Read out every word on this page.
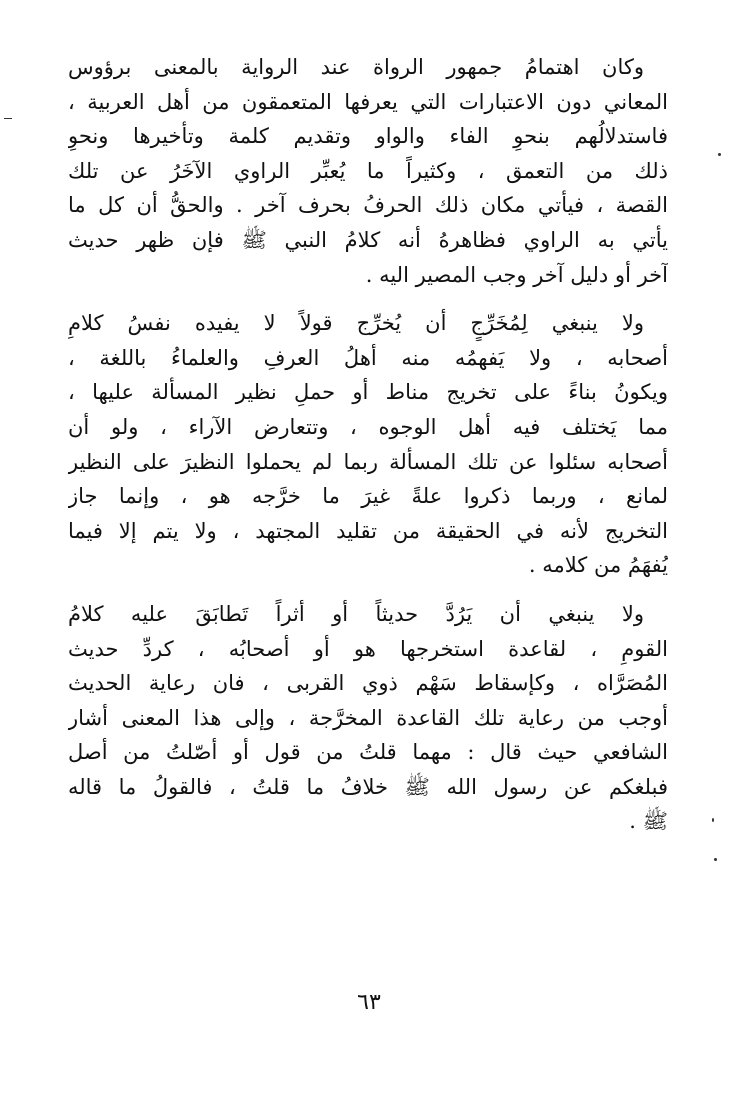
وكان اهتمامُ جمهور الرواة عند الرواية بالمعنى برؤوس
المعاني دون الاعتبارات التي يعرفها المتعمقون من أهل العربية ،
فاستدلالُهم بنحوِ الفاء والواو وتقديم كلمة وتأخيرها ونحوِ
ذلك من التعمق ، وكثيراً ما يُعبِّر الراوي الآخَرُ عن تلك
القصة ، فيأتي مكان ذلك الحرفُ بحرف آخر . والحقُّ أن كل ما
يأتي به الراوي فظاهرهُ أنه كلامُ النبي ﷺ فإن ظهر حديث
آخر أو دليل آخر وجب المصير اليه .

ولا ينبغي لِمُخَرِّجٍ أن يُخرِّج قولاً لا يفيده نفسُ كلامِ
أصحابه ، ولا يَفهمُه منه أهلُ العرفِ والعلماءُ باللغة ،
ويكونُ بناءً على تخريج مناط أو حملِ نظير المسألة عليها ،
مما يَختلف فيه أهل الوجوه ، وتتعارض الآراء ، ولو أن
أصحابه سئلوا عن تلك المسألة ربما لم يحملوا النظيرَ على النظير
لمانع ، وربما ذكروا علةً غيرَ ما خرَّجه هو ، وإنما جاز
التخريج لأنه في الحقيقة من تقليد المجتهد ، ولا يتم إلا فيما
يُفهَمُ من كلامه .

ولا ينبغي أن يَرُدَّ حديثاً أو أثراً تَطابَقَ عليه كلامُ
القومِ ، لقاعدة استخرجها هو أو أصحابُه ، كردِّ حديث
المُصَرَّاه ، وكإسقاط سَهْم ذوي القربى ، فان رعاية الحديث
أوجب من رعاية تلك القاعدة المخرَّجة ، وإلى هذا المعنى أشار
الشافعي حيث قال : مهما قلتُ من قول أو أصّلتُ من أصل
فبلغكم عن رسول الله ﷺ خلافُ ما قلتُ ، فالقولُ ما قاله
ﷺ .

٦٣
